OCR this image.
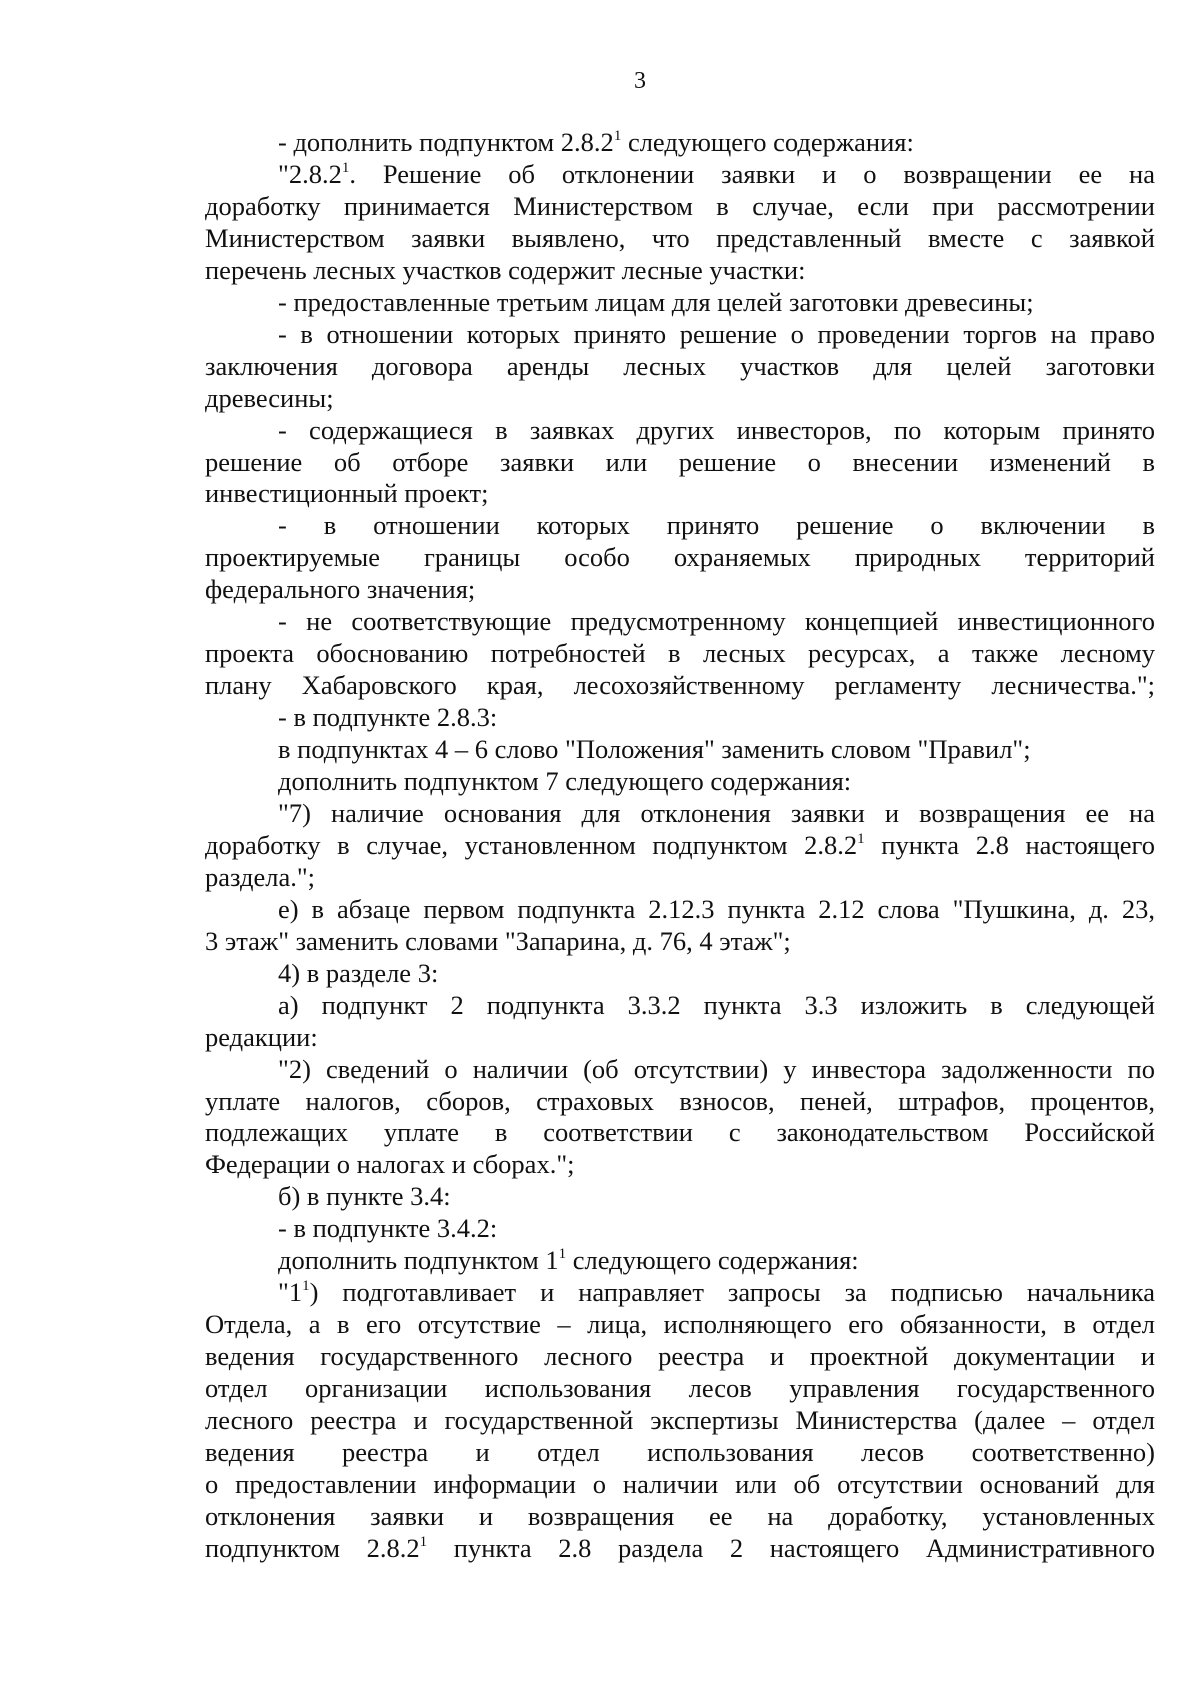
3
- дополнить подпунктом 2.8.2$^1$ следующего содержания:
"2.8.2$^1$. Решение об отклонении заявки и о возвращении ее на
доработку принимается Министерством в случае, если при рассмотрении
Министерством заявки выявлено, что представленный вместе с заявкой
перечень лесных участков содержит лесные участки:
- предоставленные третьим лицам для целей заготовки древесины;
- в отношении которых принято решение о проведении торгов на право
заключения договора аренды лесных участков для целей заготовки
древесины;
- содержащиеся в заявках других инвесторов, по которым принято
решение об отборе заявки или решение о внесении изменений в
инвестиционный проект;
- в отношении которых принято решение о включении в
проектируемые границы особо охраняемых природных территорий
федерального значения;
- не соответствующие предусмотренному концепцией инвестиционного
проекта обоснованию потребностей в лесных ресурсах, а также лесному
плану Хабаровского края, лесохозяйственному регламенту лесничества.";
- в подпункте 2.8.3:
в подпунктах 4 – 6 слово "Положения" заменить словом "Правил";
дополнить подпунктом 7 следующего содержания:
"7) наличие основания для отклонения заявки и возвращения ее на
доработку в случае, установленном подпунктом 2.8.2$^1$ пункта 2.8 настоящего
раздела.";
е) в абзаце первом подпункта 2.12.3 пункта 2.12 слова "Пушкина, д. 23,
3 этаж" заменить словами "Запарина, д. 76, 4 этаж";
4) в разделе 3:
а) подпункт 2 подпункта 3.3.2 пункта 3.3 изложить в следующей
редакции:
"2) сведений о наличии (об отсутствии) у инвестора задолженности по
уплате налогов, сборов, страховых взносов, пеней, штрафов, процентов,
подлежащих уплате в соответствии с законодательством Российской
Федерации о налогах и сборах.";
б) в пункте 3.4:
- в подпункте 3.4.2:
дополнить подпунктом $1^1$ следующего содержания:
"$1^1$) подготавливает и направляет запросы за подписью начальника
Отдела, а в его отсутствие – лица, исполняющего его обязанности, в отдел
ведения государственного лесного реестра и проектной документации и
отдел организации использования лесов управления государственного
лесного реестра и государственной экспертизы Министерства (далее – отдел
ведения реестра и отдел использования лесов соответственно)
о предоставлении информации о наличии или об отсутствии оснований для
отклонения заявки и возвращения ее на доработку, установленных
подпунктом 2.8.2$^1$ пункта 2.8 раздела 2 настоящего Административного
